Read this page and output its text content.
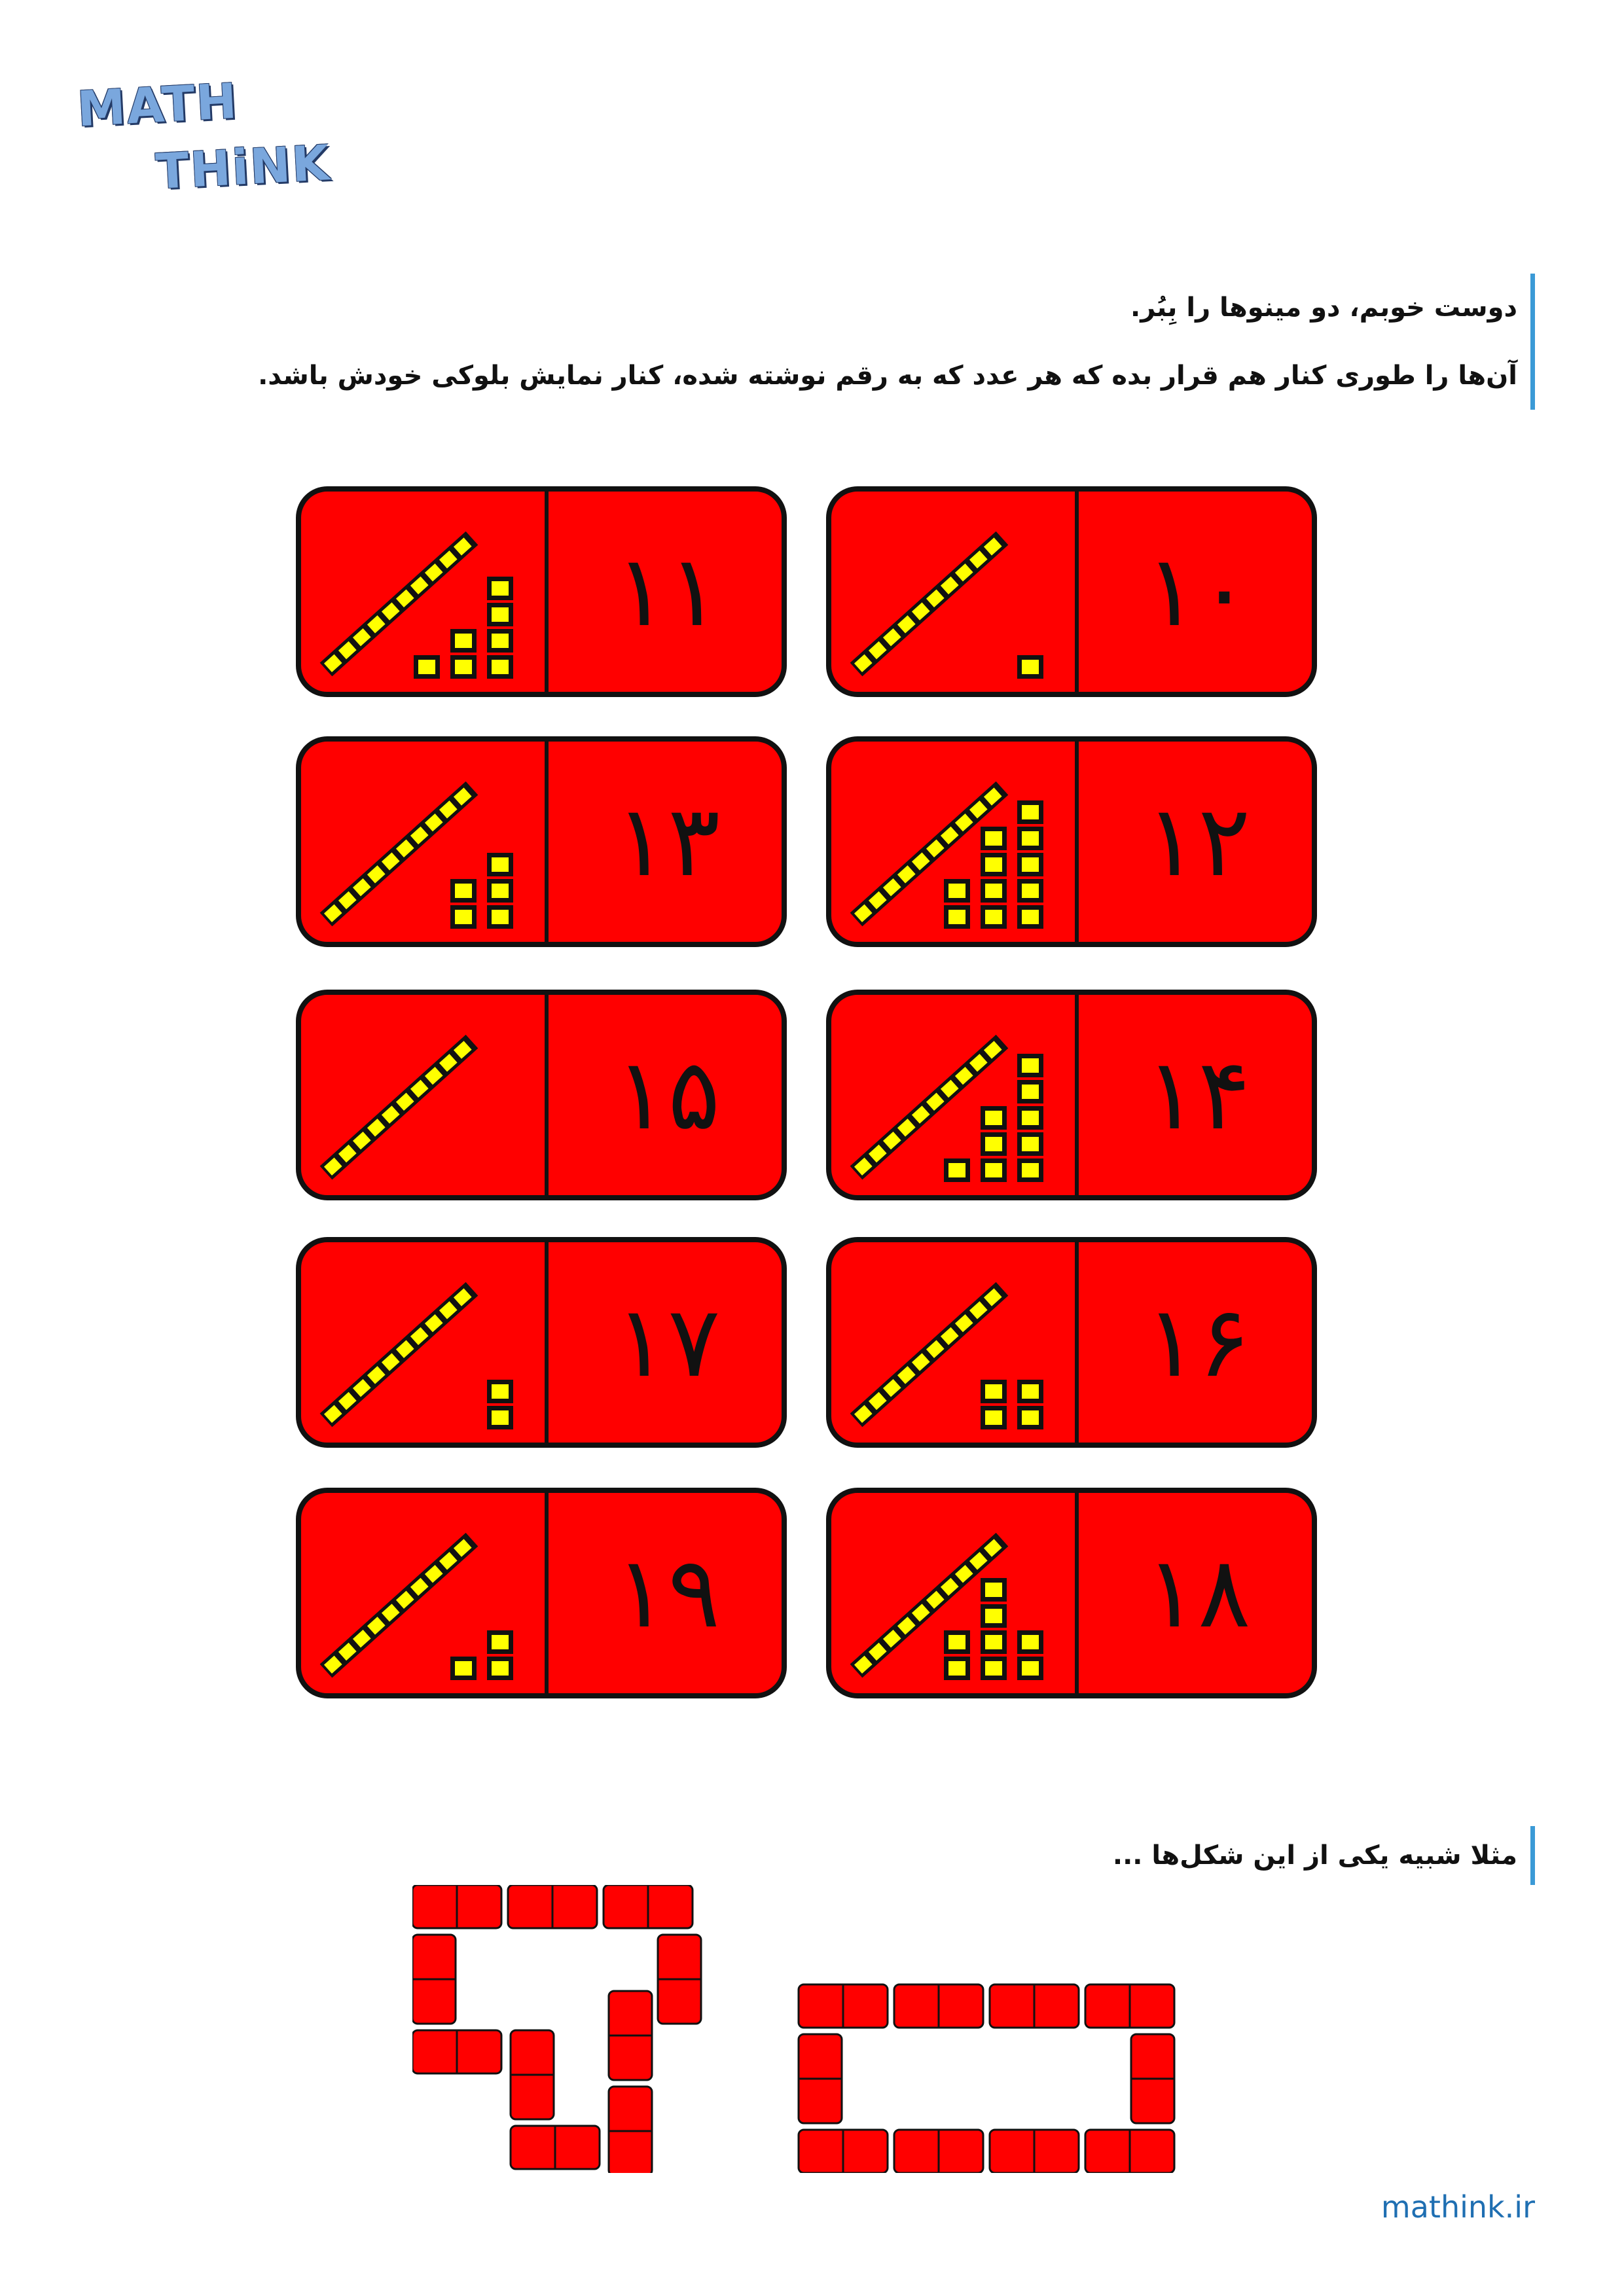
MATH
THiNK

دوست خوبم، دو مینوها را بِبُر.

آن‌ها را طوری کنار هم قرار بده که هر عدد که به رقم نوشته شده، کنار نمایش بلوکی خودش باشد.

۱۰
۱۱
۱۲
۱۳
۱۴
۱۵
۱۶
۱۷
۱۸
۱۹

مثلا شبیه یکی از این شکل‌ها ...

mathink.ir
